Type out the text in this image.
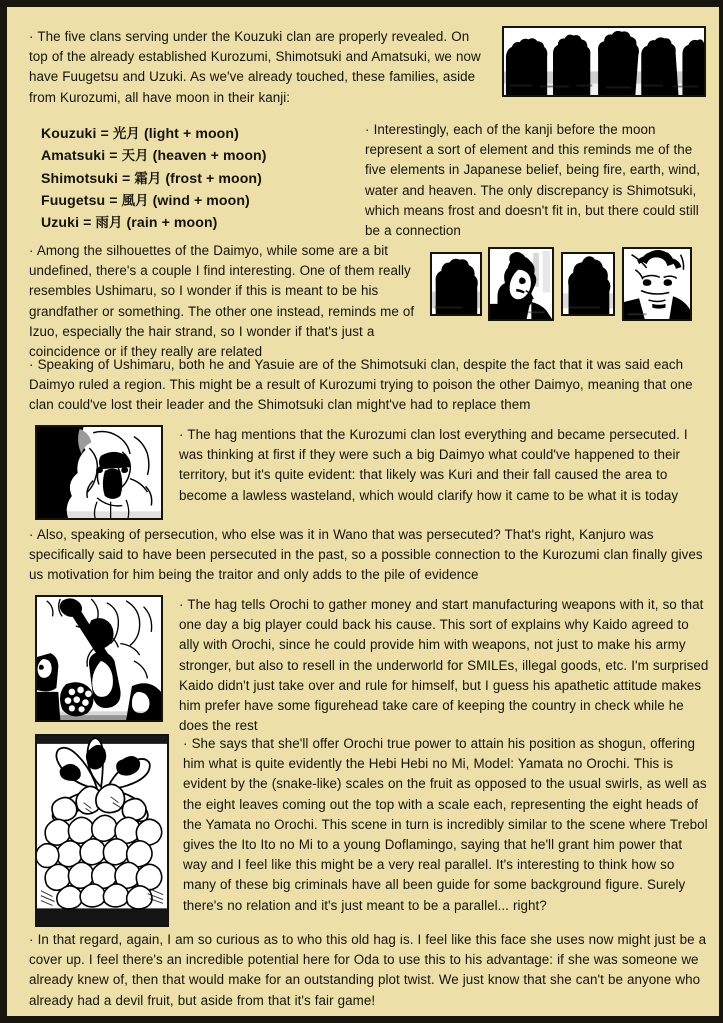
· The five clans serving under the Kouzuki clan are properly revealed. On top of the already established Kurozumi, Shimotsuki and Amatsuki, we now have Fuugetsu and Uzuki. As we've already touched, these families, aside from Kurozumi, all have moon in their kanji:
Kouzuki = 光月 (light + moon)
Amatsuki = 天月 (heaven + moon)
Shimotsuki = 霜月 (frost + moon)
Fuugetsu = 風月 (wind + moon)
Uzuki = 雨月 (rain + moon)
· Interestingly, each of the kanji before the moon represent a sort of element and this reminds me of the five elements in Japanese belief, being fire, earth, wind, water and heaven. The only discrepancy is Shimotsuki, which means frost and doesn't fit in, but there could still be a connection
· Among the silhouettes of the Daimyo, while some are a bit undefined, there's a couple I find interesting. One of them really resembles Ushimaru, so I wonder if this is meant to be his grandfather or something. The other one instead, reminds me of Izuo, especially the hair strand, so I wonder if that's just a coincidence or if they really are related
· Speaking of Ushimaru, both he and Yasuie are of the Shimotsuki clan, despite the fact that it was said each Daimyo ruled a region. This might be a result of Kurozumi trying to poison the other Daimyo, meaning that one clan could've lost their leader and the Shimotsuki clan might've had to replace them
· The hag mentions that the Kurozumi clan lost everything and became persecuted. I was thinking at first if they were such a big Daimyo what could've happened to their territory, but it's quite evident: that likely was Kuri and their fall caused the area to become a lawless wasteland, which would clarify how it came to be what it is today
· Also, speaking of persecution, who else was it in Wano that was persecuted? That's right, Kanjuro was specifically said to have been persecuted in the past, so a possible connection to the Kurozumi clan finally gives us motivation for him being the traitor and only adds to the pile of evidence
· The hag tells Orochi to gather money and start manufacturing weapons with it, so that one day a big player could back his cause. This sort of explains why Kaido agreed to ally with Orochi, since he could provide him with weapons, not just to make his army stronger, but also to resell in the underworld for SMILEs, illegal goods, etc. I'm surprised Kaido didn't just take over and rule for himself, but I guess his apathetic attitude makes him prefer have some figurehead take care of keeping the country in check while he does the rest
· She says that she'll offer Orochi true power to attain his position as shogun, offering him what is quite evidently the Hebi Hebi no Mi, Model: Yamata no Orochi. This is evident by the (snake-like) scales on the fruit as opposed to the usual swirls, as well as the eight leaves coming out the top with a scale each, representing the eight heads of the Yamata no Orochi. This scene in turn is incredibly similar to the scene where Trebol gives the Ito Ito no Mi to a young Doflamingo, saying that he'll grant him power that way and I feel like this might be a very real parallel. It's interesting to think how so many of these big criminals have all been guide for some background figure. Surely there's no relation and it's just meant to be a parallel... right?
· In that regard, again, I am so curious as to who this old hag is. I feel like this face she uses now might just be a cover up. I feel there's an incredible potential here for Oda to use this to his advantage: if she was someone we already knew of, then that would make for an outstanding plot twist. We just know that she can't be anyone who already had a devil fruit, but aside from that it's fair game!
